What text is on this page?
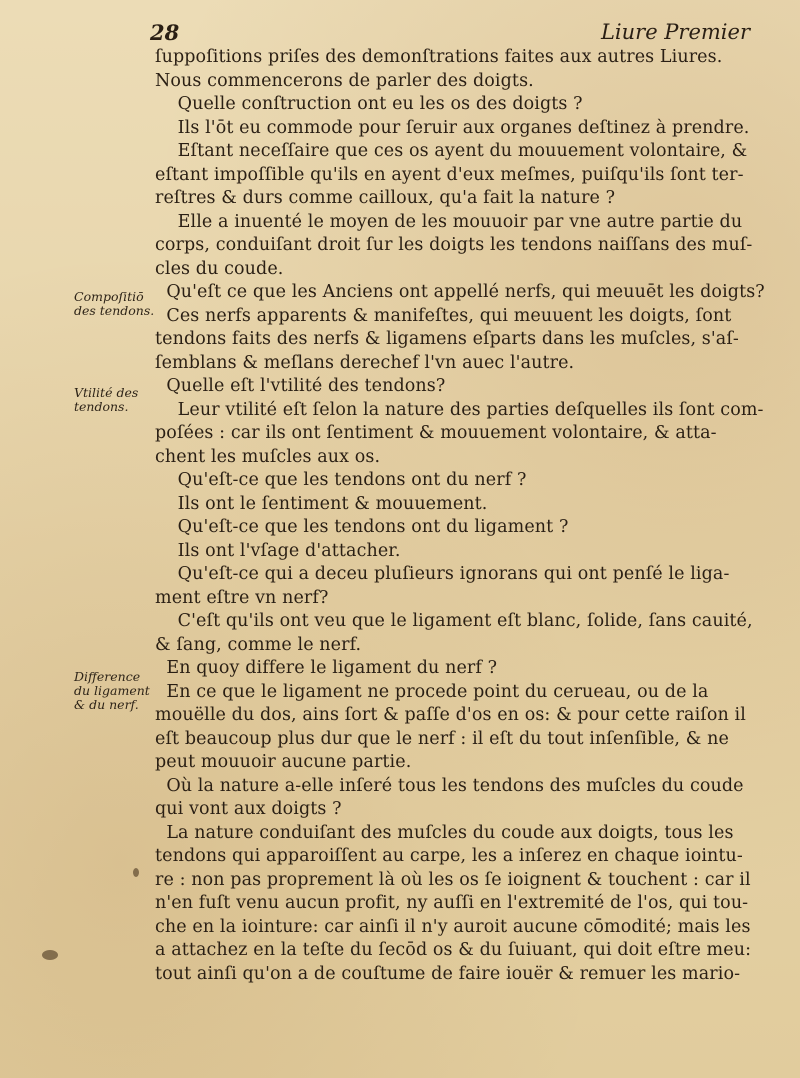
28	Liure Premier
Compoſitiō
des tendons.
Vtilité des
tendons.
Difference
du ligament
& du nerf.
ſuppoſitions priſes des demonſtrations faites aux autres Liures.
Nous commencerons de parler des doigts.
Quelle conſtruction ont eu les os des doigts ?
Ils l'ōt eu commode pour ſeruir aux organes deſtinez à prendre.
Eſtant neceſſaire que ces os ayent du mouuement volontaire, &
eſtant impoſſible qu'ils en ayent d'eux meſmes, puiſqu'ils ſont ter-
reſtres & durs comme cailloux, qu'a fait la nature ?
Elle a inuenté le moyen de les mouuoir par vne autre partie du
corps, conduiſant droit ſur les doigts les tendons naiſſans des muſ-
cles du coude.
Qu'eſt ce que les Anciens ont appellé nerfs, qui meuuēt les doigts?
Ces nerfs apparents & manifeſtes, qui meuuent les doigts, ſont
tendons faits des nerfs & ligamens eſparts dans les muſcles, s'aſ-
ſemblans & meſlans derechef l'vn auec l'autre.
Quelle eſt l'vtilité des tendons?
Leur vtilité eſt ſelon la nature des parties deſquelles ils ſont com-
poſées : car ils ont ſentiment & mouuement volontaire, & atta-
chent les muſcles aux os.
Qu'eſt-ce que les tendons ont du nerf ?
Ils ont le ſentiment & mouuement.
Qu'eſt-ce que les tendons ont du ligament ?
Ils ont l'vſage d'attacher.
Qu'eſt-ce qui a deceu pluſieurs ignorans qui ont penſé le liga-
ment eſtre vn nerf?
C'eſt qu'ils ont veu que le ligament eſt blanc, ſolide, ſans cauité,
& ſang, comme le nerf.
En quoy differe le ligament du nerf ?
En ce que le ligament ne procede point du cerueau, ou de la
mouëlle du dos, ains ſort & paſſe d'os en os: & pour cette raiſon il
eſt beaucoup plus dur que le nerf : il eſt du tout inſenſible, & ne
peut mouuoir aucune partie.
Où la nature a-elle inſeré tous les tendons des muſcles du coude
qui vont aux doigts ?
La nature conduiſant des muſcles du coude aux doigts, tous les
tendons qui apparoiſſent au carpe, les a inſerez en chaque iointu-
re : non pas proprement là où les os ſe ioignent & touchent : car il
n'en fuſt venu aucun profit, ny auſſi en l'extremité de l'os, qui tou-
che en la iointure: car ainſi il n'y auroit aucune cōmodité; mais les
a attachez en la teſte du ſecōd os & du ſuiuant, qui doit eſtre meu:
tout ainſi qu'on a de couſtume de faire iouër & remuer les mario-
